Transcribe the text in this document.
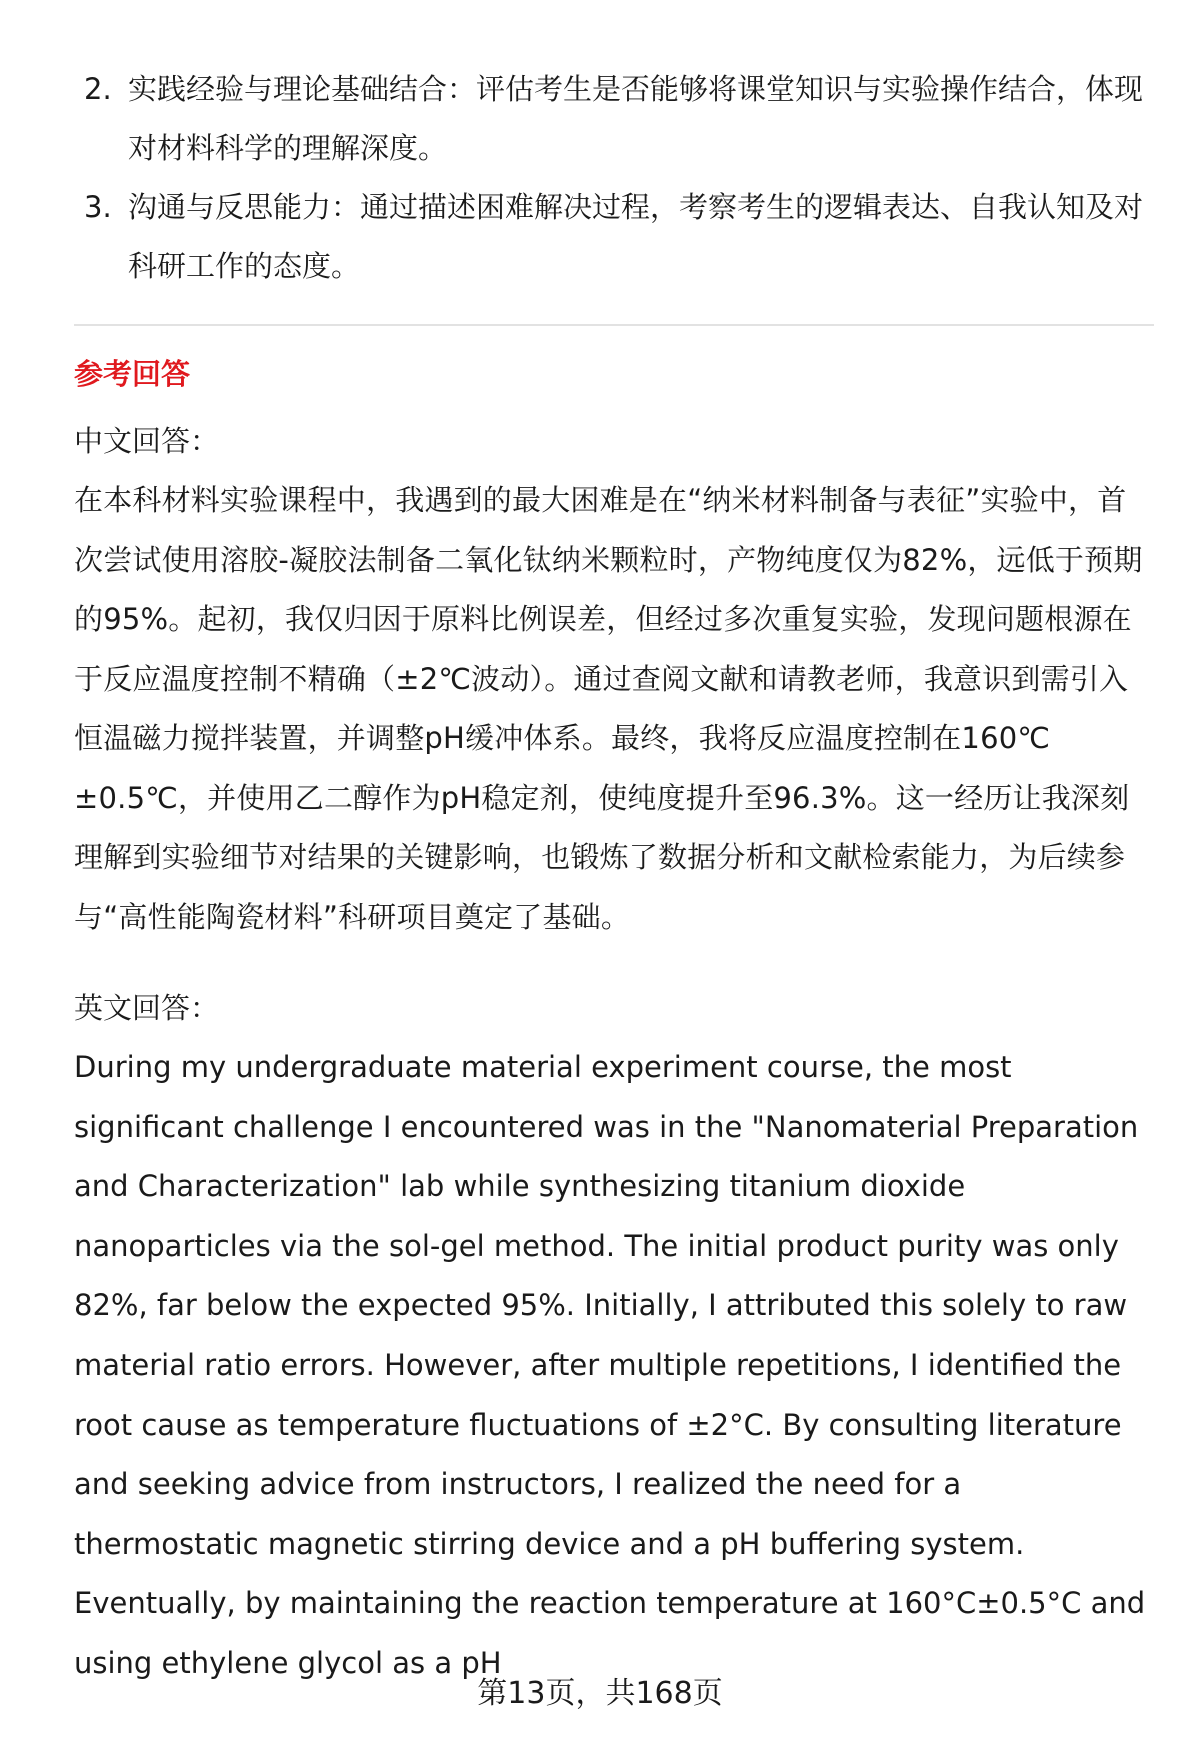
2. 实践经验与理论基础结合：评估考生是否能够将课堂知识与实验操作结合，体现对材料科学的理解深度。
3. 沟通与反思能力：通过描述困难解决过程，考察考生的逻辑表达、自我认知及对科研工作的态度。
参考回答

中文回答：

在本科材料实验课程中，我遇到的最大困难是在“纳米材料制备与表征”实验中，首次尝试使用溶胶-凝胶法制备二氧化钛纳米颗粒时，产物纯度仅为82%，远低于预期的95%。起初，我仅归因于原料比例误差，但经过多次重复实验，发现问题根源在于反应温度控制不精确（±2℃波动）。通过查阅文献和请教老师，我意识到需引入恒温磁力搅拌装置，并调整pH缓冲体系。最终，我将反应温度控制在160℃±0.5℃，并使用乙二醇作为pH稳定剂，使纯度提升至96.3%。这一经历让我深刻理解到实验细节对结果的关键影响，也锻炼了数据分析和文献检索能力，为后续参与“高性能陶瓷材料”科研项目奠定了基础。

英文回答：

During my undergraduate material experiment course, the most significant challenge I encountered was in the "Nanomaterial Preparation and Characterization" lab while synthesizing titanium dioxide nanoparticles via the sol-gel method. The initial product purity was only 82%, far below the expected 95%. Initially, I attributed this solely to raw material ratio errors. However, after multiple repetitions, I identified the root cause as temperature fluctuations of ±2°C. By consulting literature and seeking advice from instructors, I realized the need for a thermostatic magnetic stirring device and a pH buffering system. Eventually, by maintaining the reaction temperature at 160°C±0.5°C and using ethylene glycol as a pH

第13页，共168页
